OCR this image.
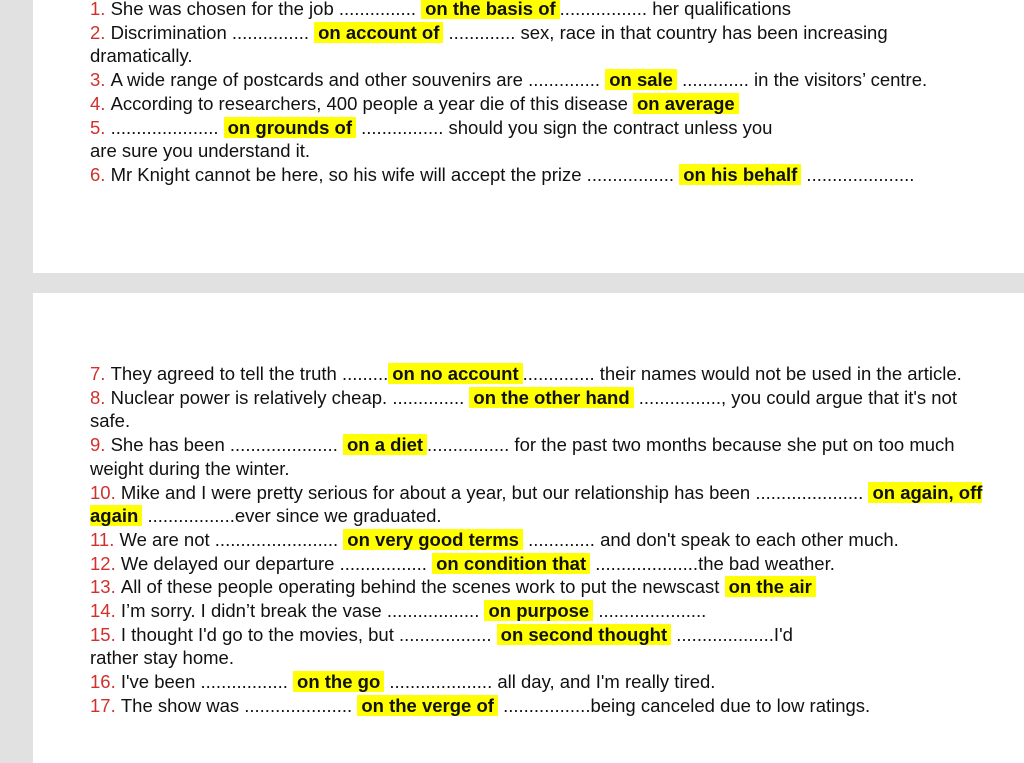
1. She was chosen for the job ............... on the basis of ................. her qualifications

2. Discrimination ............... on account of ............. sex, race in that country has been increasing dramatically.

3. A wide range of postcards and other souvenirs are .............. on sale ............. in the visitors’ centre.

4. According to researchers, 400 people a year die of this disease on average

5. ..................... on grounds of ................ should you sign the contract unless you
are sure you understand it.

6. Mr Knight cannot be here, so his wife will accept the prize ................. on his behalf .....................

7. They agreed to tell the truth ......... on no account .............. their names would not be used in the article.

8. Nuclear power is relatively cheap. .............. on the other hand ................, you could argue that it's not safe.

9. She has been ..................... on a diet ................ for the past two months because she put on too much weight during the winter.

10. Mike and I were pretty serious for about a year, but our relationship has been ..................... on again, off again .................ever since we graduated.

11. We are not ........................ on very good terms ............. and don't speak to each other much.

12. We delayed our departure ................. on condition that ....................the bad weather.

13. All of these people operating behind the scenes work to put the newscast on the air

14. I’m sorry. I didn’t break the vase .................. on purpose .....................

15. I thought I'd go to the movies, but .................. on second thought ...................I'd
rather stay home.

16. I've been ................. on the go .................... all day, and I'm really tired.

17. The show was ..................... on the verge of .................being canceled due to low ratings.
